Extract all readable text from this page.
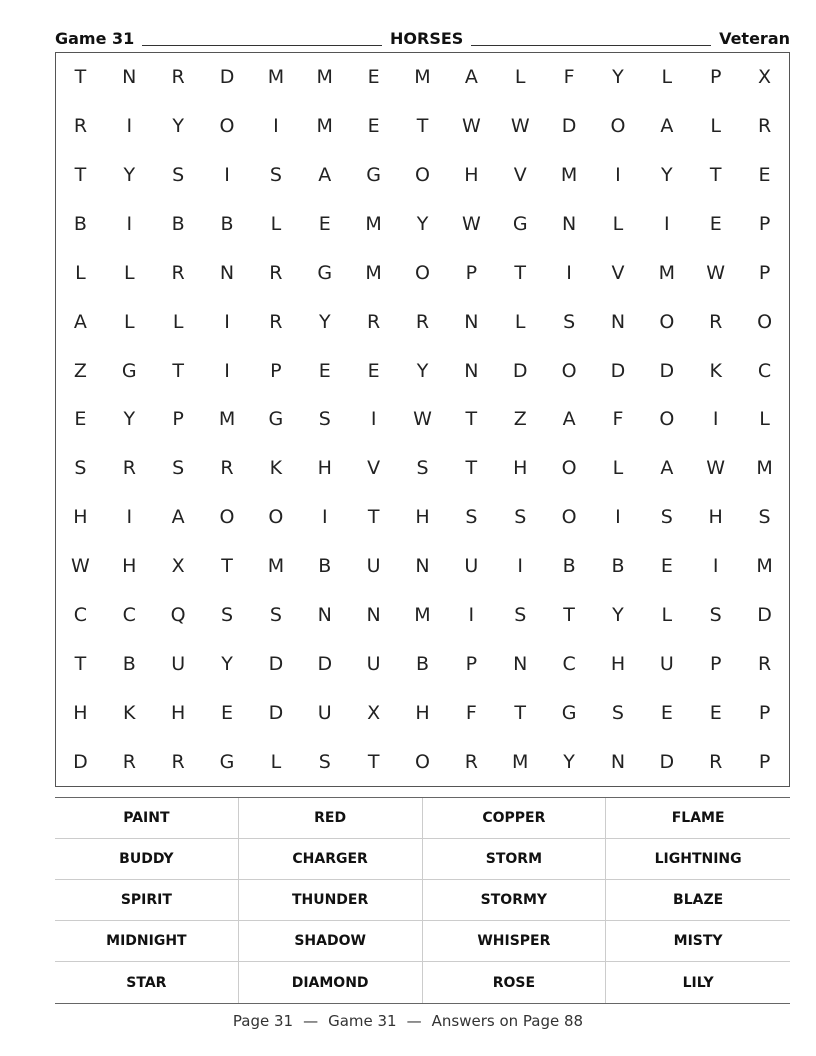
Game 31	HORSES	Veteran
T	N	R	D	M	M	E	M	A	L	F	Y	L	P	X
R	I	Y	O	I	M	E	T	W	W	D	O	A	L	R
T	Y	S	I	S	A	G	O	H	V	M	I	Y	T	E
B	I	B	B	L	E	M	Y	W	G	N	L	I	E	P
L	L	R	N	R	G	M	O	P	T	I	V	M	W	P
A	L	L	I	R	Y	R	R	N	L	S	N	O	R	O
Z	G	T	I	P	E	E	Y	N	D	O	D	D	K	C
E	Y	P	M	G	S	I	W	T	Z	A	F	O	I	L
S	R	S	R	K	H	V	S	T	H	O	L	A	W	M
H	I	A	O	O	I	T	H	S	S	O	I	S	H	S
W	H	X	T	M	B	U	N	U	I	B	B	E	I	M
C	C	Q	S	S	N	N	M	I	S	T	Y	L	S	D
T	B	U	Y	D	D	U	B	P	N	C	H	U	P	R
H	K	H	E	D	U	X	H	F	T	G	S	E	E	P
D	R	R	G	L	S	T	O	R	M	Y	N	D	R	P
PAINT	RED	COPPER	FLAME
BUDDY	CHARGER	STORM	LIGHTNING
SPIRIT	THUNDER	STORMY	BLAZE
MIDNIGHT	SHADOW	WHISPER	MISTY
STAR	DIAMOND	ROSE	LILY
Page 31 — Game 31 — Answers on Page 88
